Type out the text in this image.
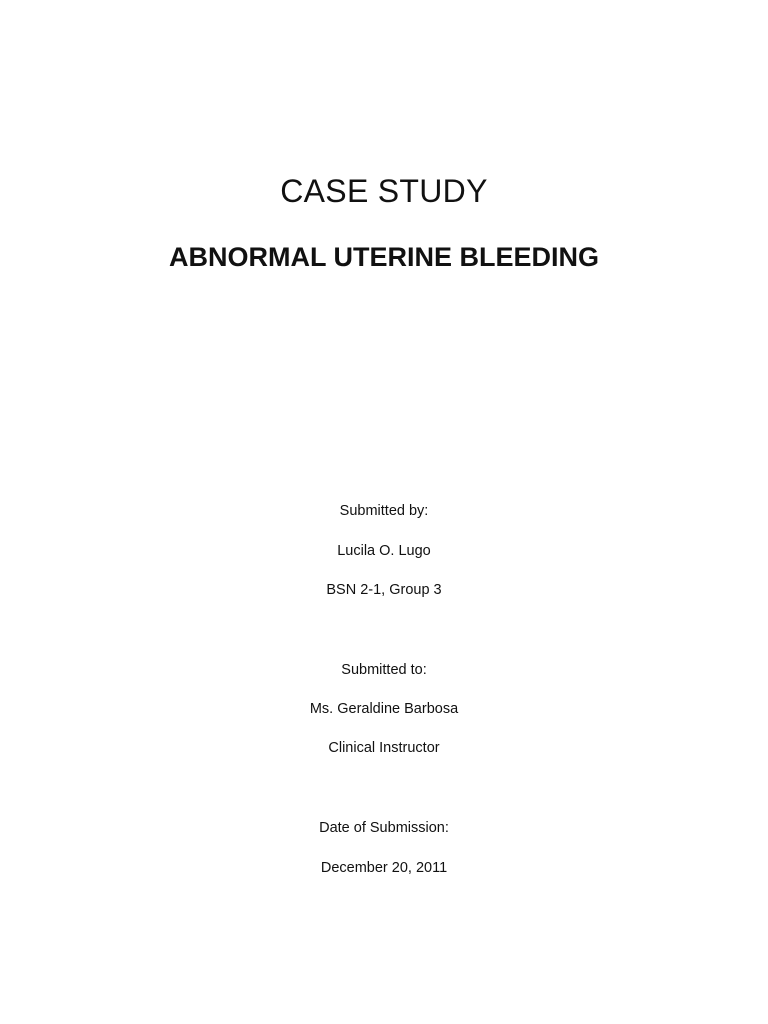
CASE STUDY
ABNORMAL UTERINE BLEEDING
Submitted by:
Lucila O. Lugo
BSN 2-1, Group 3
Submitted to:
Ms. Geraldine Barbosa
Clinical Instructor
Date of Submission:
December 20, 2011
